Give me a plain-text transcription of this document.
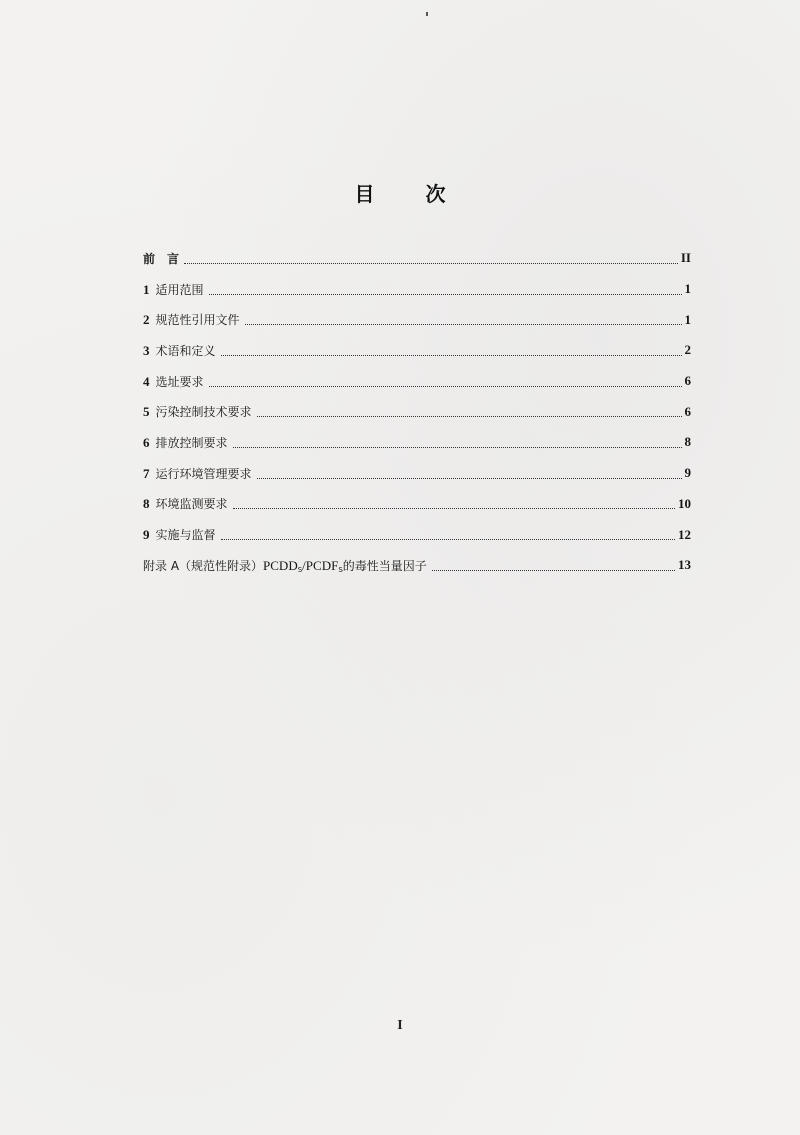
目 次
前　言	II
1 适用范围	1
2 规范性引用文件	1
3 术语和定义	2
4 选址要求	6
5 污染控制技术要求	6
6 排放控制要求	8
7 运行环境管理要求	9
8 环境监测要求	10
9 实施与监督	12
附录 A（规范性附录）$PCDD_S/PCDF_S$的毒性当量因子	13
I
